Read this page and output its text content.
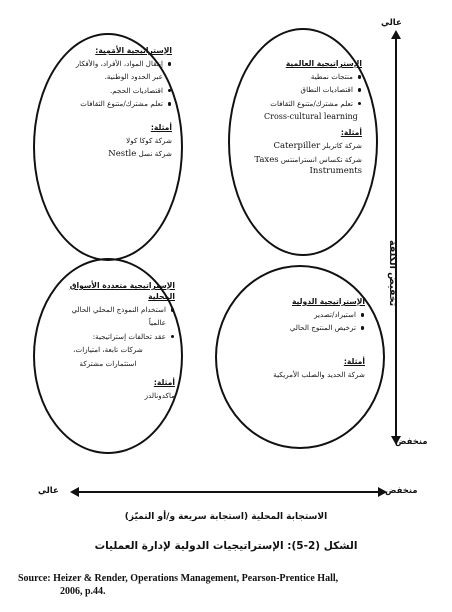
الإستراتيجية العالمية
منتجات نمطية
اقتصاديات النطاق
تعلم مشترك/متنوع الثقافات
Cross-cultural learning
أمثلة:
شركة كاتربلر Caterpiller
شركة تكساس انسترامنتس Taxes Instruments
الإستراتيجية الأمَمِية:
إنتقال المواد، الأفراد، والأفكار
عبر الحدود الوطنية.
اقتصاديات الحجم.
تعلم مشترك/متنوع الثقافات
أمثلة:
شركة كوكا كولا
شركة نسل Nestle
الإستراتيجية متعددة الأسواق المحلية
استخدام النموذج المحلي الحالي
عالمياً
عقد تحالفات إستراتيجية:
شركات تابعة، امتيازات،
استثمارات مشتركة
أمثلة:
ماكدونالدز
الإستراتيجية الدولية
استيراد/تصدير
ترخيص المنتوج الحالي
أمثلة:
شركة الحديد والصلب الأمريكية
عالي
منخفض
تخفيض الكلفة
عالي	منخفض
الاستجابة المحلية (استجابة سريعة و/أو التميّز)
الشكل (2-5): الإستراتيجيات الدولية لإدارة العمليات
Source: Heizer & Render, Operations Management, Pearson-Prentice Hall,
2006, p.44.
